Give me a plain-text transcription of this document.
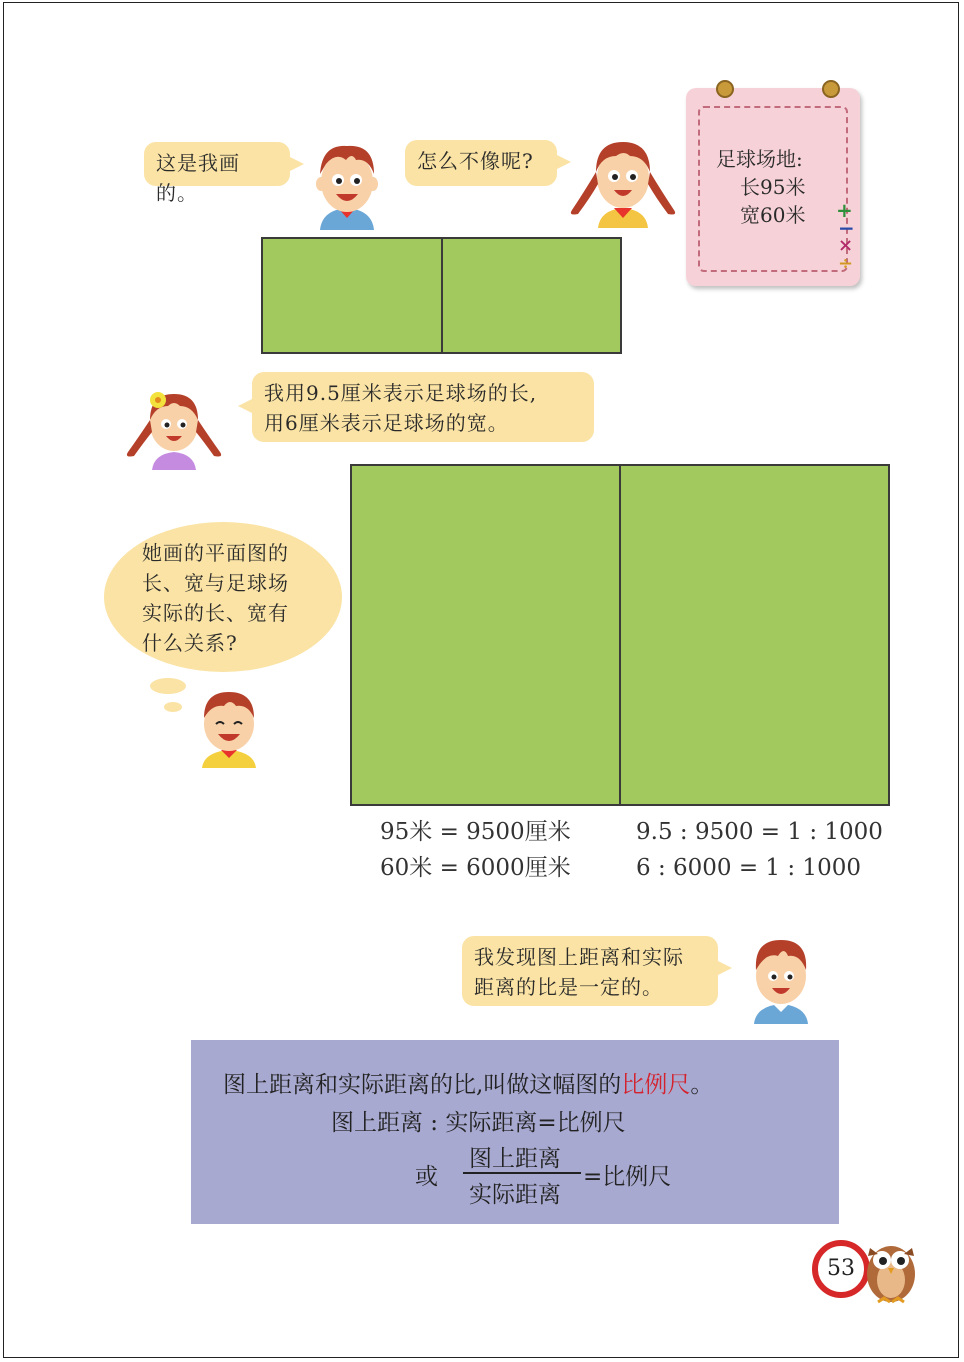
这是我画的。
怎么不像呢?	足球场地:
长95米
宽60米 +
−
×
÷
我用9.5厘米表示足球场的长,
用6厘米表示足球场的宽。
她画的平面图的
长、宽与足球场
实际的长、宽有
什么关系?
95米 = 9500厘米
60米 = 6000厘米
9.5 : 9500 = 1 : 1000
6 : 6000 = 1 : 1000
我发现图上距离和实际
距离的比是一定的。
图上距离和实际距离的比,叫做这幅图的比例尺。
图上距离 : 实际距离=比例尺
或
图上距离
实际距离
=比例尺
53
